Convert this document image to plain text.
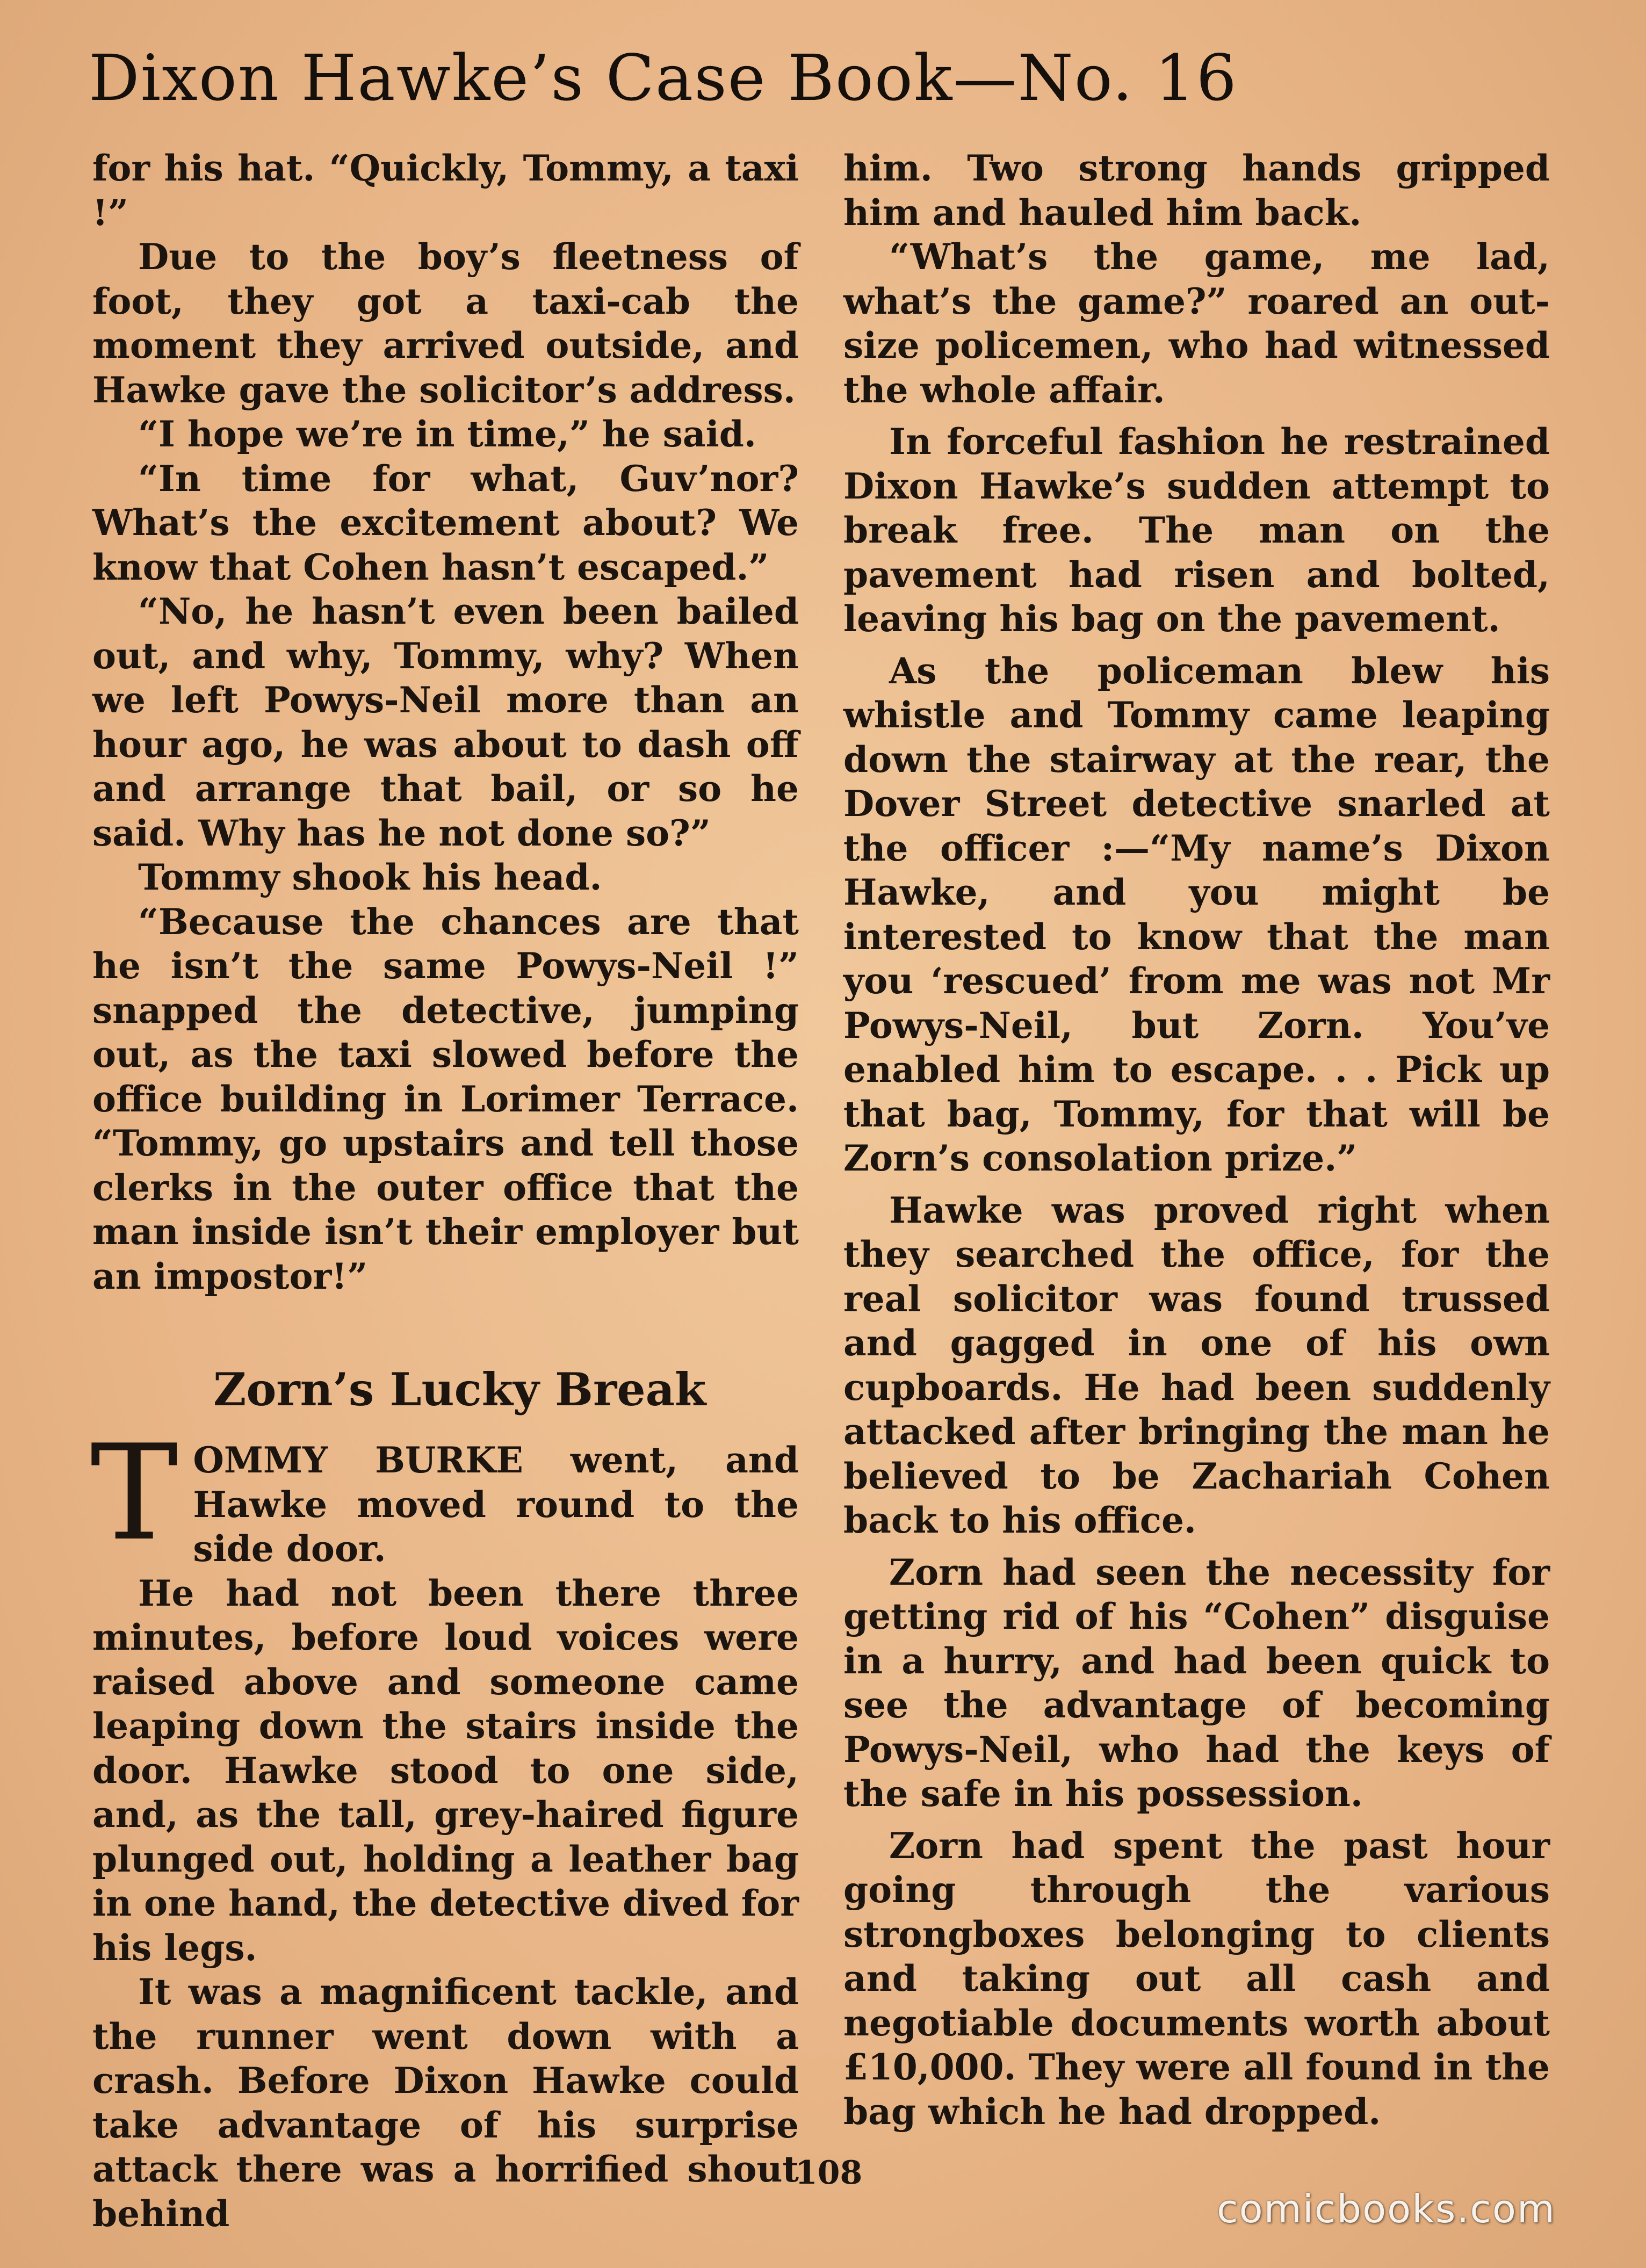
Dixon Hawke’s Case Book—No. 16

for his hat. “Quickly, Tommy, a taxi !”

Due to the boy’s fleetness of foot, they got a taxi-cab the moment they arrived outside, and Hawke gave the solicitor’s address.

“I hope we’re in time,” he said.

“In time for what, Guv’nor? What’s the excitement about? We know that Cohen hasn’t escaped.”

“No, he hasn’t even been bailed out, and why, Tommy, why? When we left Powys-Neil more than an hour ago, he was about to dash off and arrange that bail, or so he said. Why has he not done so?”

Tommy shook his head.

“Because the chances are that he isn’t the same Powys-Neil !” snapped the detective, jumping out, as the taxi slowed before the office building in Lorimer Terrace. “Tommy, go upstairs and tell those clerks in the outer office that the man inside isn’t their employer but an impostor!”

Zorn’s Lucky Break
T OMMY BURKE went, and Hawke moved round to the side door.

He had not been there three minutes, before loud voices were raised above and someone came leaping down the stairs inside the door. Hawke stood to one side, and, as the tall, grey-haired figure plunged out, holding a leather bag in one hand, the detective dived for his legs.

It was a magnificent tackle, and the runner went down with a crash. Before Dixon Hawke could take advantage of his surprise attack there was a horrified shout behind

him. Two strong hands gripped him and hauled him back.

“What’s the game, me lad, what’s the game?” roared an out-size policemen, who had witnessed the whole affair.

In forceful fashion he restrained Dixon Hawke’s sudden attempt to break free. The man on the pavement had risen and bolted, leaving his bag on the pavement.

As the policeman blew his whistle and Tommy came leaping down the stairway at the rear, the Dover Street detective snarled at the officer :—“My name’s Dixon Hawke, and you might be interested to know that the man you ‘rescued’ from me was not Mr Powys-Neil, but Zorn. You’ve enabled him to escape. . . Pick up that bag, Tommy, for that will be Zorn’s consolation prize.”

Hawke was proved right when they searched the office, for the real solicitor was found trussed and gagged in one of his own cupboards. He had been suddenly attacked after bringing the man he believed to be Zachariah Cohen back to his office.

Zorn had seen the necessity for getting rid of his “Cohen” disguise in a hurry, and had been quick to see the advantage of becoming Powys-Neil, who had the keys of the safe in his possession.

Zorn had spent the past hour going through the various strongboxes belonging to clients and taking out all cash and negotiable documents worth about £10,000. They were all found in the bag which he had dropped.

108
comicbooks.com
